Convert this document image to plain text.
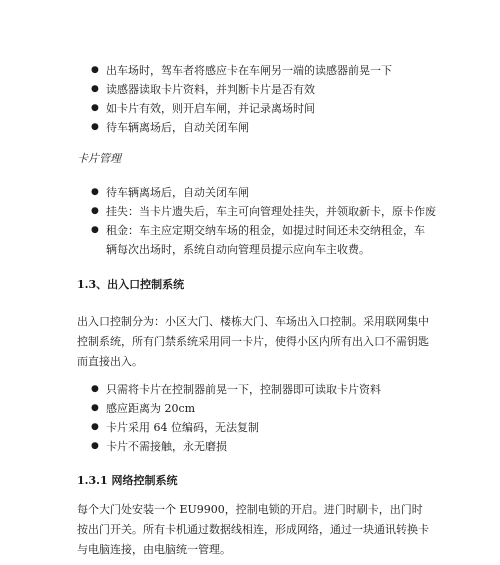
● 出车场时，驾车者将感应卡在车闸另一端的读感器前晃一下
● 读感器读取卡片资料，并判断卡片是否有效
● 如卡片有效，则开启车闸，并记录离场时间
● 待车辆离场后，自动关闭车闸
卡片管理
● 待车辆离场后，自动关闭车闸
● 挂失：当卡片遗失后，车主可向管理处挂失，并领取新卡，原卡作废
● 租金：车主应定期交纳车场的租金，如提过时间还未交纳租金，车辆每次出场时，系统自动向管理员提示应向车主收费。
1.3、出入口控制系统
出入口控制分为：小区大门、楼栋大门、车场出入口控制。采用联网集中控制系统，所有门禁系统采用同一卡片，使得小区内所有出入口不需钥匙而直接出入。
● 只需将卡片在控制器前晃一下，控制器即可读取卡片资料
● 感应距离为 20cm
● 卡片采用 64 位编码，无法复制
● 卡片不需接触，永无磨损
1.3.1 网络控制系统
每个大门处安装一个 EU9900，控制电锁的开启。进门时刷卡，出门时按出门开关。所有卡机通过数据线相连，形成网络，通过一块通讯转换卡与电脑连接，由电脑统一管理。
